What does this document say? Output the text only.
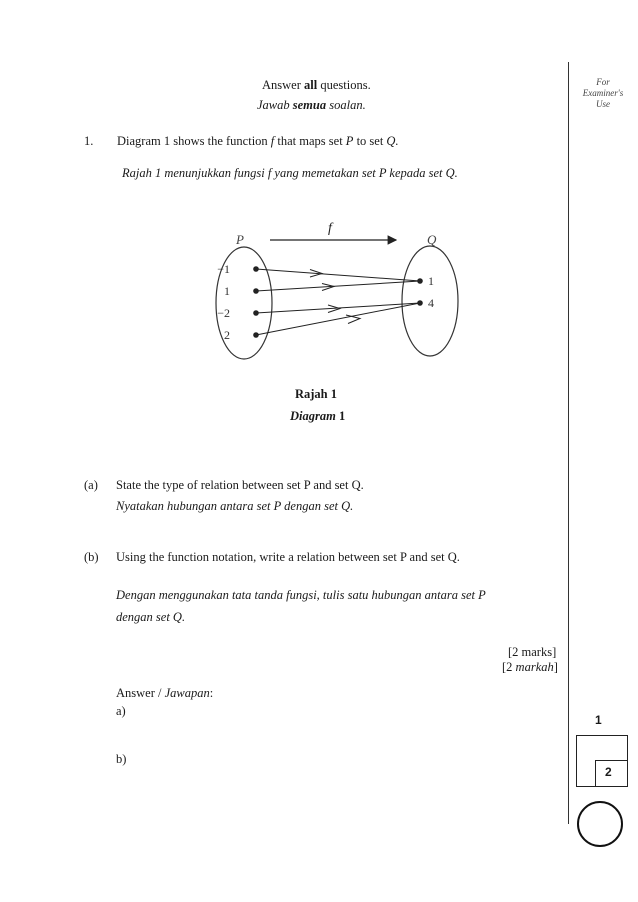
Answer all questions.
Jawab semua soalan.
For
Examiner's
Use
1. Diagram 1 shows the function f that maps set P to set Q.
Rajah 1 menunjukkan fungsi f yang memetakan set P kepada set Q.
f
P	Q
−1
1
−2
2
1
4
Rajah 1
Diagram 1
(a) State the type of relation between set P and set Q.
Nyatakan hubungan antara set P dengan set Q.
(b) Using the function notation, write a relation between set P and set Q.
Dengan menggunakan tata tanda fungsi, tulis satu hubungan antara set P
dengan set Q.
[2 marks]
[2 markah]
Answer / Jawapan:
a)
b)
1
2
